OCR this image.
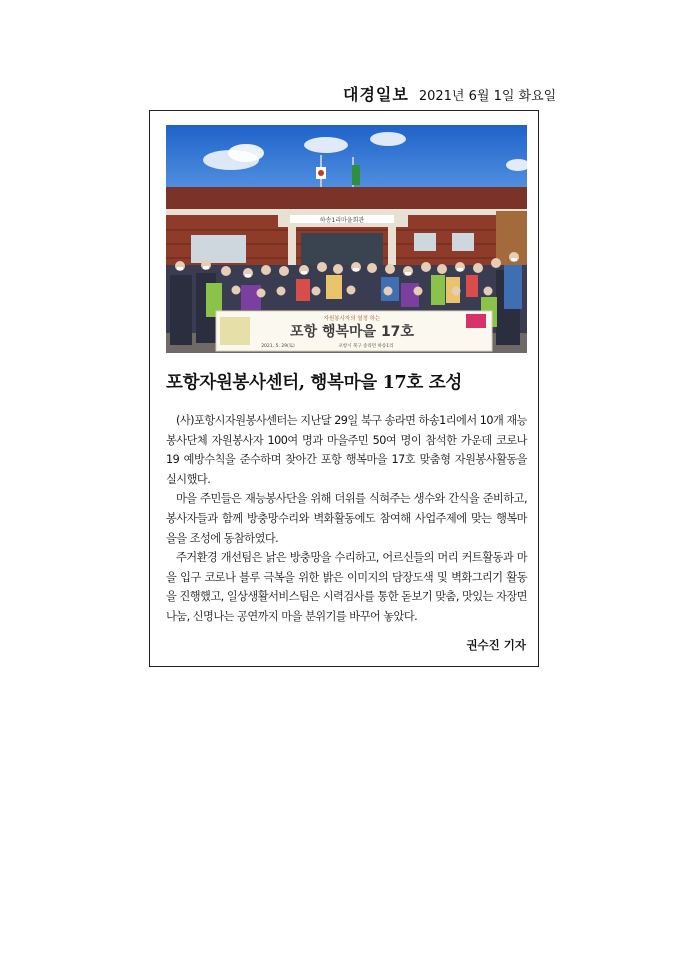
대경일보 2021년 6월 1일 화요일
하송1리마을회관
자원봉사자의 열정 하는
포항 행복마을 17호
2021. 5. 29(토)	포항시 북구 송라면 하송1리
포항자원봉사센터, 행복마을 17호 조성

(사)포항시자원봉사센터는 지난달 29일 북구 송라면 하송1리에서 10개 재능봉사단체 자원봉사자 100여 명과 마을주민 50여 명이 참석한 가운데 코로나19 예방수칙을 준수하며 찾아간 포항 행복마을 17호 맞춤형 자원봉사활동을 실시했다.

마을 주민들은 재능봉사단을 위해 더위를 식혀주는 생수와 간식을 준비하고, 봉사자들과 함께 방충망수리와 벽화활동에도 참여해 사업주제에 맞는 행복마을을 조성에 동참하였다.

주거환경 개선팀은 낡은 방충망을 수리하고, 어르신들의 머리 커트활동과 마을 입구 코로나 블루 극복을 위한 밝은 이미지의 담장도색 및 벽화그리기 활동을 진행했고, 일상생활서비스팀은 시력검사를 통한 돋보기 맞춤, 맛있는 자장면 나눔, 신명나는 공연까지 마을 분위기를 바꾸어 놓았다.

권수진 기자
